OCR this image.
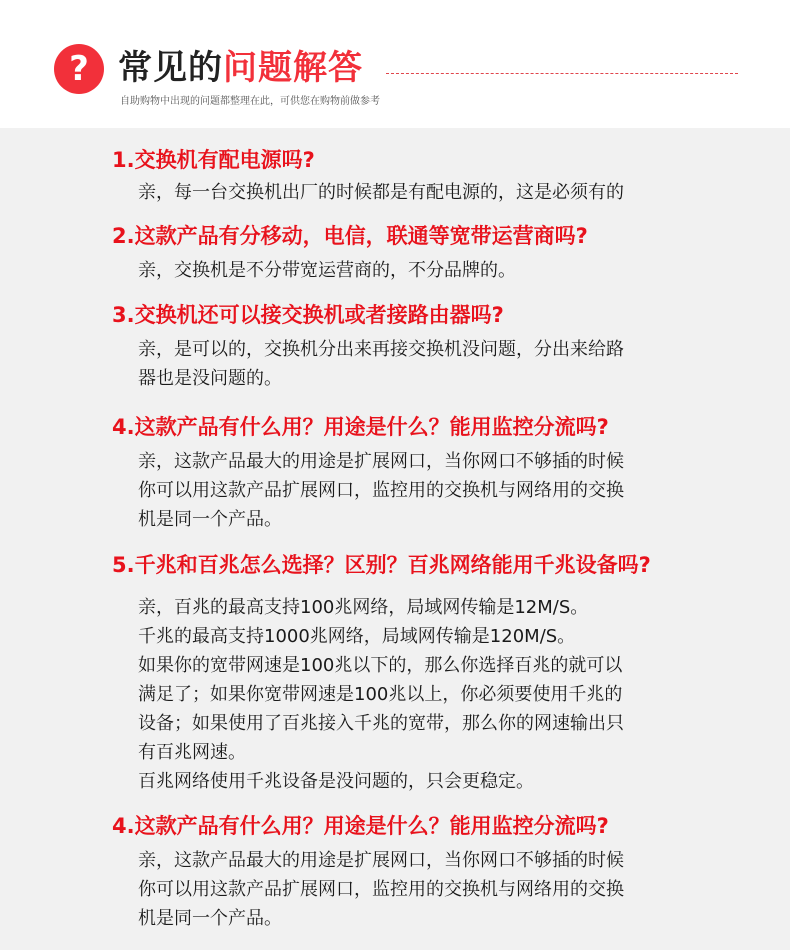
? 常见的问题解答
自助购物中出现的问题都整理在此，可供您在购物前做参考
1.交换机有配电源吗?
亲，每一台交换机出厂的时候都是有配电源的，这是必须有的
2.这款产品有分移动，电信，联通等宽带运营商吗?
亲，交换机是不分带宽运营商的，不分品牌的。
3.交换机还可以接交换机或者接路由器吗?
亲，是可以的，交换机分出来再接交换机没问题，分出来给路
器也是没问题的。
4.这款产品有什么用？用途是什么？能用监控分流吗?
亲，这款产品最大的用途是扩展网口，当你网口不够插的时候
你可以用这款产品扩展网口，监控用的交换机与网络用的交换
机是同一个产品。
5.千兆和百兆怎么选择？区别？百兆网络能用千兆设备吗?
亲，百兆的最高支持100兆网络，局域网传输是12M/S。
千兆的最高支持1000兆网络，局域网传输是120M/S。
如果你的宽带网速是100兆以下的，那么你选择百兆的就可以
满足了；如果你宽带网速是100兆以上，你必须要使用千兆的
设备；如果使用了百兆接入千兆的宽带，那么你的网速输出只
有百兆网速。
百兆网络使用千兆设备是没问题的，只会更稳定。
4.这款产品有什么用？用途是什么？能用监控分流吗?
亲，这款产品最大的用途是扩展网口，当你网口不够插的时候
你可以用这款产品扩展网口，监控用的交换机与网络用的交换
机是同一个产品。
